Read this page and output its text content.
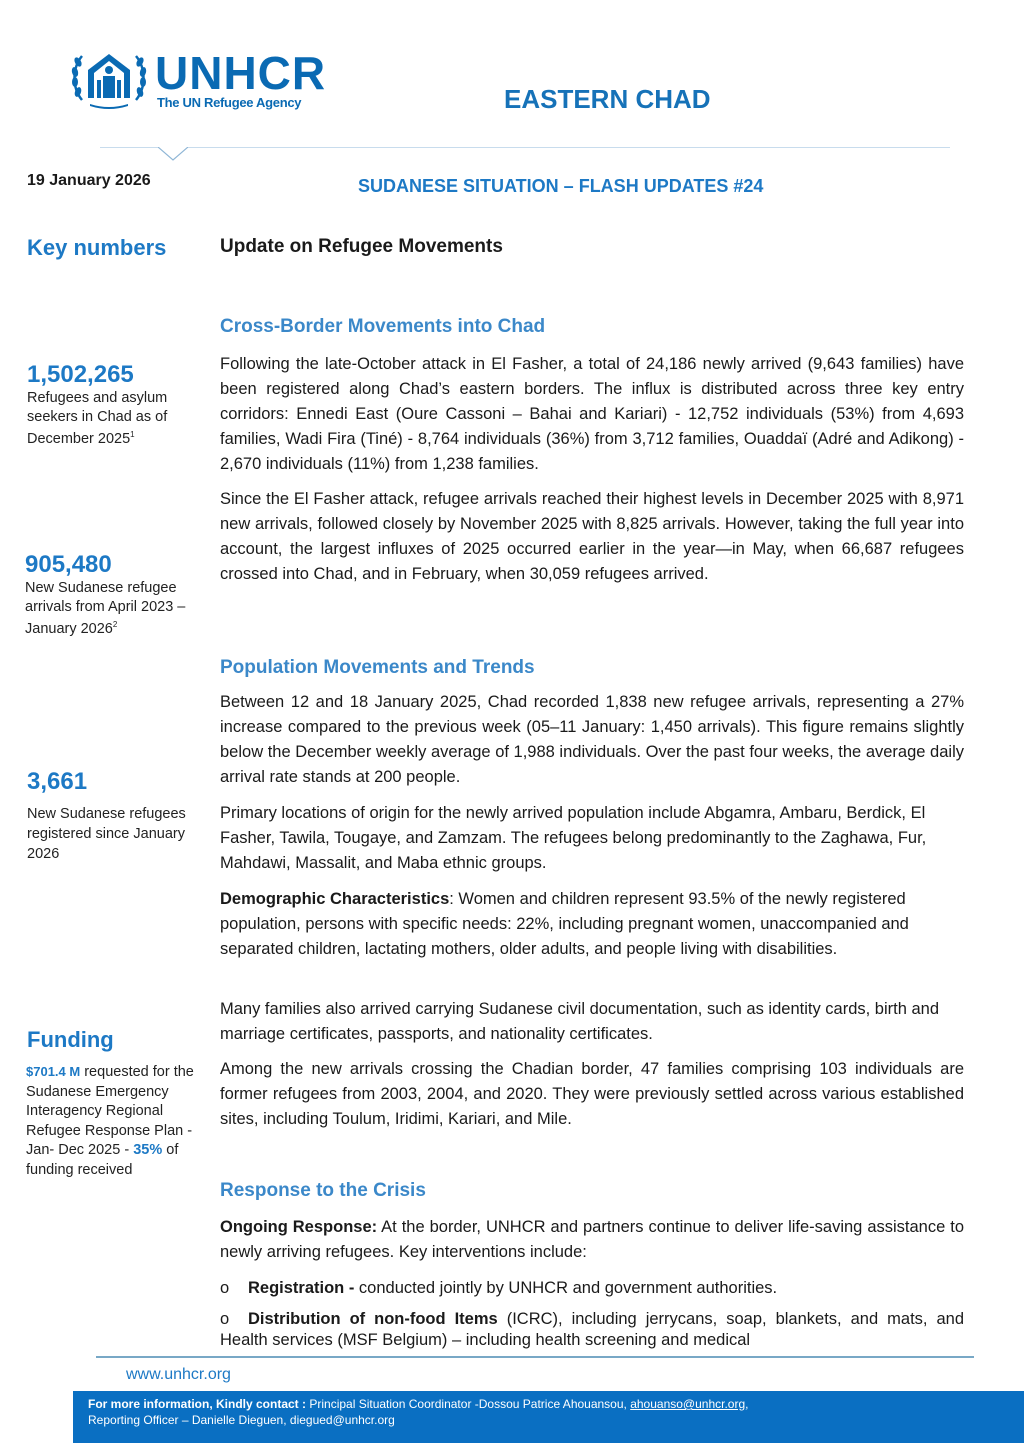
UNHCR
The UN Refugee Agency	EASTERN CHAD
19 January 2026	SUDANESE SITUATION – FLASH UPDATES #24
Key numbers
1,502,265
Refugees and asylum seekers in Chad as of December 2025$^1$
905,480
New Sudanese refugee arrivals from April 2023 – January 2026$^2$
3,661
New Sudanese refugees registered since January 2026
Funding
$701.4 M requested for the Sudanese Emergency Interagency Regional Refugee Response Plan - Jan- Dec 2025 - 35% of funding received
Update on Refugee Movements
Cross-Border Movements into Chad

Following the late-October attack in El Fasher, a total of 24,186 newly arrived (9,643 families) have been registered along Chad’s eastern borders. The influx is distributed across three key entry corridors: Ennedi East (Oure Cassoni – Bahai and Kariari) - 12,752 individuals (53%) from 4,693 families, Wadi Fira (Tiné) - 8,764 individuals (36%) from 3,712 families, Ouaddaï (Adré and Adikong) - 2,670 individuals (11%) from 1,238 families.

Since the El Fasher attack, refugee arrivals reached their highest levels in December 2025 with 8,971 new arrivals, followed closely by November 2025 with 8,825 arrivals. However, taking the full year into account, the largest influxes of 2025 occurred earlier in the year—in May, when 66,687 refugees crossed into Chad, and in February, when 30,059 refugees arrived.

Population Movements and Trends

Between 12 and 18 January 2025, Chad recorded 1,838 new refugee arrivals, representing a 27% increase compared to the previous week (05–11 January: 1,450 arrivals). This figure remains slightly below the December weekly average of 1,988 individuals. Over the past four weeks, the average daily arrival rate stands at 200 people.

Primary locations of origin for the newly arrived population include Abgamra, Ambaru, Berdick, El Fasher, Tawila, Tougaye, and Zamzam. The refugees belong predominantly to the Zaghawa, Fur, Mahdawi, Massalit, and Maba ethnic groups.

Demographic Characteristics: Women and children represent 93.5% of the newly registered population, persons with specific needs: 22%, including pregnant women, unaccompanied and separated children, lactating mothers, older adults, and people living with disabilities.

Many families also arrived carrying Sudanese civil documentation, such as identity cards, birth and marriage certificates, passports, and nationality certificates.

Among the new arrivals crossing the Chadian border, 47 families comprising 103 individuals are former refugees from 2003, 2004, and 2020. They were previously settled across various established sites, including Toulum, Iridimi, Kariari, and Mile.

Response to the Crisis

Ongoing Response: At the border, UNHCR and partners continue to deliver life-saving assistance to newly arriving refugees. Key interventions include:

o Registration - conducted jointly by UNHCR and government authorities.

o Distribution of non-food Items (ICRC), including jerrycans, soap, blankets, and mats, and Health services (MSF Belgium) – including health screening and medical

www.unhcr.org
For more information, Kindly contact : Principal Situation Coordinator -Dossou Patrice Ahouansou, ahouanso@unhcr.org,
Reporting Officer – Danielle Dieguen, diegued@unhcr.org
